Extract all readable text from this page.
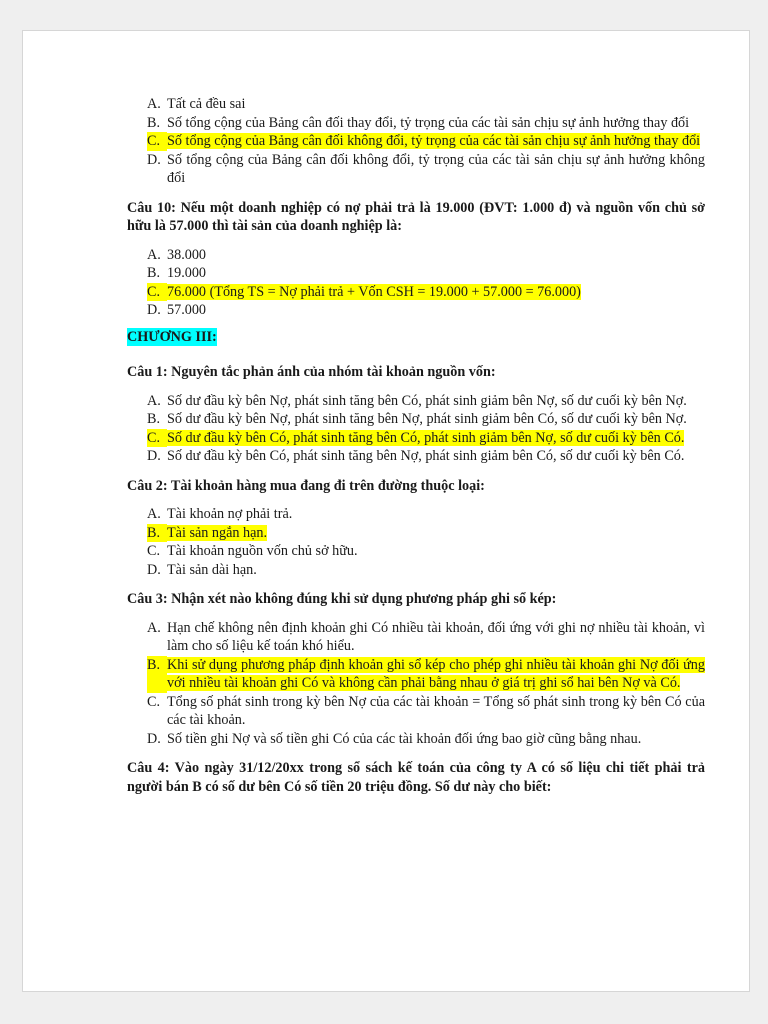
A. Tất cả đều sai
B. Số tổng cộng của Bảng cân đối thay đổi, tỷ trọng của các tài sản chịu sự ảnh hưởng thay đổi
C. Số tổng cộng của Bảng cân đối không đổi, tỷ trọng của các tài sản chịu sự ảnh hưởng thay đổi
D. Số tổng cộng của Bảng cân đối không đổi, tỷ trọng của các tài sản chịu sự ảnh hưởng không đổi
Câu 10: Nếu một doanh nghiệp có nợ phải trả là 19.000 (ĐVT: 1.000 đ) và nguồn vốn chủ sở hữu là 57.000 thì tài sản của doanh nghiệp là:
A. 38.000
B. 19.000
C. 76.000 (Tổng TS = Nợ phải trả + Vốn CSH = 19.000 + 57.000 = 76.000)
D. 57.000
CHƯƠNG III:
Câu 1: Nguyên tắc phản ánh của nhóm tài khoản nguồn vốn:
A. Số dư đầu kỳ bên Nợ, phát sinh tăng bên Có, phát sinh giảm bên Nợ, số dư cuối kỳ bên Nợ.
B. Số dư đầu kỳ bên Nợ, phát sinh tăng bên Nợ, phát sinh giảm bên Có, số dư cuối kỳ bên Nợ.
C. Số dư đầu kỳ bên Có, phát sinh tăng bên Có, phát sinh giảm bên Nợ, số dư cuối kỳ bên Có.
D. Số dư đầu kỳ bên Có, phát sinh tăng bên Nợ, phát sinh giảm bên Có, số dư cuối kỳ bên Có.
Câu 2: Tài khoản hàng mua đang đi trên đường thuộc loại:
A. Tài khoản nợ phải trả.
B. Tài sản ngắn hạn.
C. Tài khoản nguồn vốn chủ sở hữu.
D. Tài sản dài hạn.
Câu 3: Nhận xét nào không đúng khi sử dụng phương pháp ghi sổ kép:
A. Hạn chế không nên định khoản ghi Có nhiều tài khoản, đối ứng với ghi nợ nhiều tài khoản, vì làm cho số liệu kế toán khó hiểu.
B. Khi sử dụng phương pháp định khoản ghi sổ kép cho phép ghi nhiều tài khoản ghi Nợ đối ứng với nhiều tài khoản ghi Có và không cần phải bằng nhau ở giá trị ghi sổ hai bên Nợ và Có.
C. Tổng số phát sinh trong kỳ bên Nợ của các tài khoản = Tổng số phát sinh trong kỳ bên Có của các tài khoản.
D. Số tiền ghi Nợ và số tiền ghi Có của các tài khoản đối ứng bao giờ cũng bằng nhau.
Câu 4: Vào ngày 31/12/20xx trong sổ sách kế toán của công ty A có số liệu chi tiết phải trả người bán B có số dư bên Có số tiền 20 triệu đồng. Số dư này cho biết:
